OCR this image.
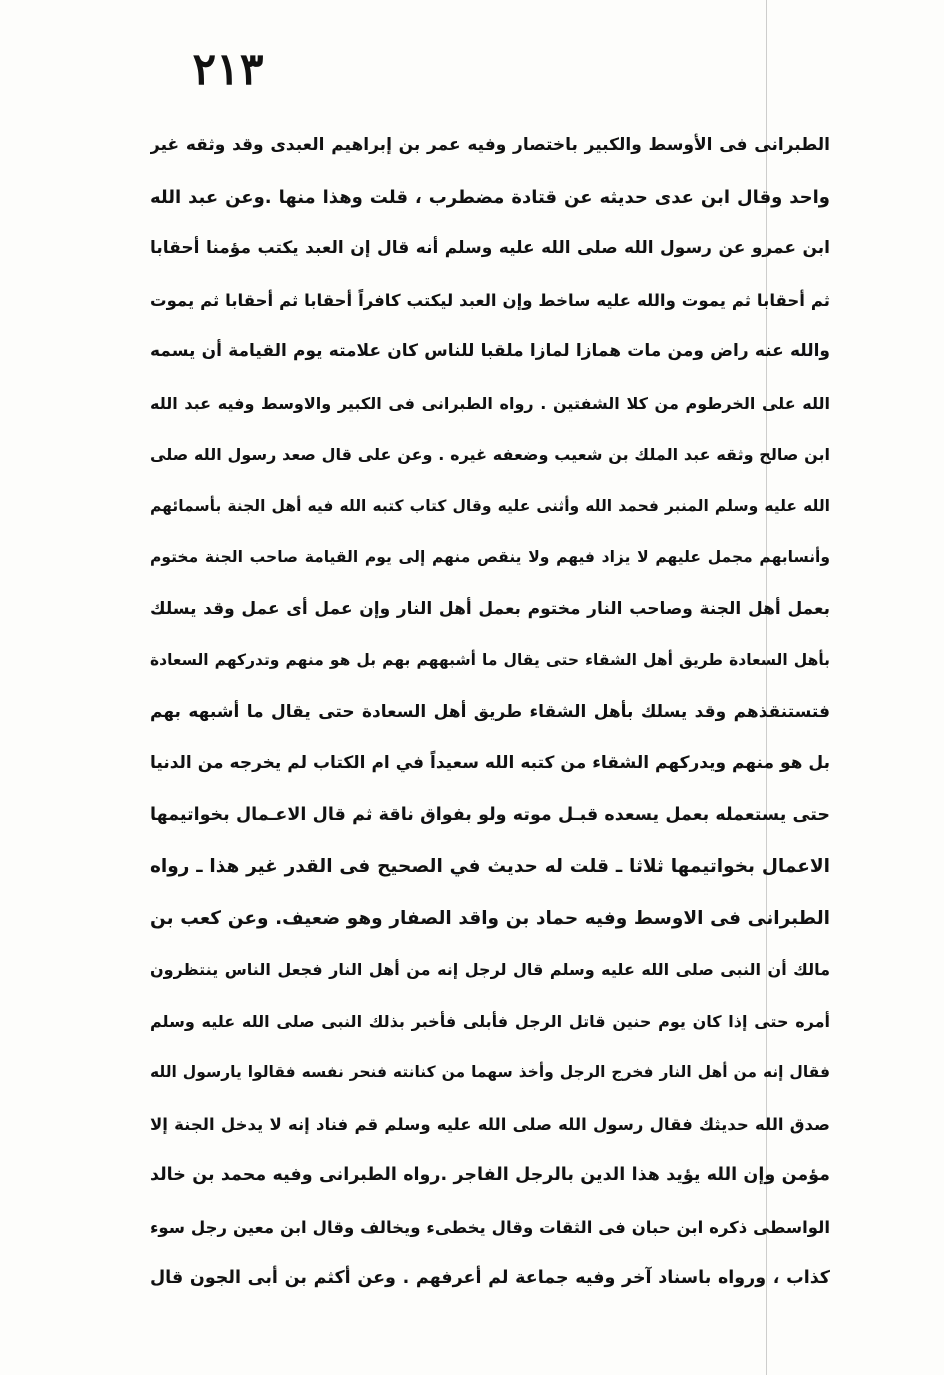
٢١٣
الطبرانى فى الأوسط والكبير باختصار وفيه عمر بن إبراهيم العبدى وقد وثقه غير
واحد وقال ابن عدى حديثه عن قتادة مضطرب ، قلت وهذا منها .وعن عبد الله
ابن عمرو عن رسول الله صلى الله عليه وسلم أنه قال إن العبد يكتب مؤمنا أحقابا
ثم أحقابا ثم يموت والله عليه ساخط وإن العبد ليكتب كافراً أحقابا ثم أحقابا ثم يموت
والله عنه راض ومن مات همازا لمازا ملقبا للناس كان علامته يوم القيامة أن يسمه
الله على الخرطوم من كلا الشفتين . رواه الطبرانى فى الكبير والاوسط وفيه عبد الله
ابن صالح وثقه عبد الملك بن شعيب وضعفه غيره . وعن على قال صعد رسول الله صلى
الله عليه وسلم المنبر فحمد الله وأثنى عليه وقال كتاب كتبه الله فيه أهل الجنة بأسمائهم
وأنسابهم مجمل عليهم لا يزاد فيهم ولا ينقص منهم إلى يوم القيامة صاحب الجنة مختوم
بعمل أهل الجنة وصاحب النار مختوم بعمل أهل النار وإن عمل أى عمل وقد يسلك
بأهل السعادة طريق أهل الشقاء حتى يقال ما أشبههم بهم بل هو منهم وتدركهم السعادة
فتستنقذهم وقد يسلك بأهل الشقاء طريق أهل السعادة حتى يقال ما أشبهه بهم
بل هو منهم ويدركهم الشقاء من كتبه الله سعيداً في ام الكتاب لم يخرجه من الدنيا
حتى يستعمله بعمل يسعده قبـل موته ولو بفواق ناقة ثم قال الاعـمال بخواتيمها
الاعمال بخواتيمها ثلاثا ـ قلت له حديث في الصحيح فى القدر غير هذا ـ رواه
الطبرانى فى الاوسط وفيه حماد بن واقد الصفار وهو ضعيف. وعن كعب بن
مالك أن النبى صلى الله عليه وسلم قال لرجل إنه من أهل النار فجعل الناس ينتظرون
أمره حتى إذا كان يوم حنين قاتل الرجل فأبلى فأخبر بذلك النبى صلى الله عليه وسلم
فقال إنه من أهل النار فخرج الرجل وأخذ سهما من كنانته فنحر نفسه فقالوا يارسول الله
صدق الله حديثك فقال رسول الله صلى الله عليه وسلم قم فناد إنه لا يدخل الجنة إلا
مؤمن وإن الله يؤيد هذا الدين بالرجل الفاجر .رواه الطبرانى وفيه محمد بن خالد
الواسطى ذكره ابن حبان فى الثقات وقال يخطىء ويخالف وقال ابن معين رجل سوء
كذاب ، ورواه باسناد آخر وفيه جماعة لم أعرفهم . وعن أكثم بن أبى الجون قال
